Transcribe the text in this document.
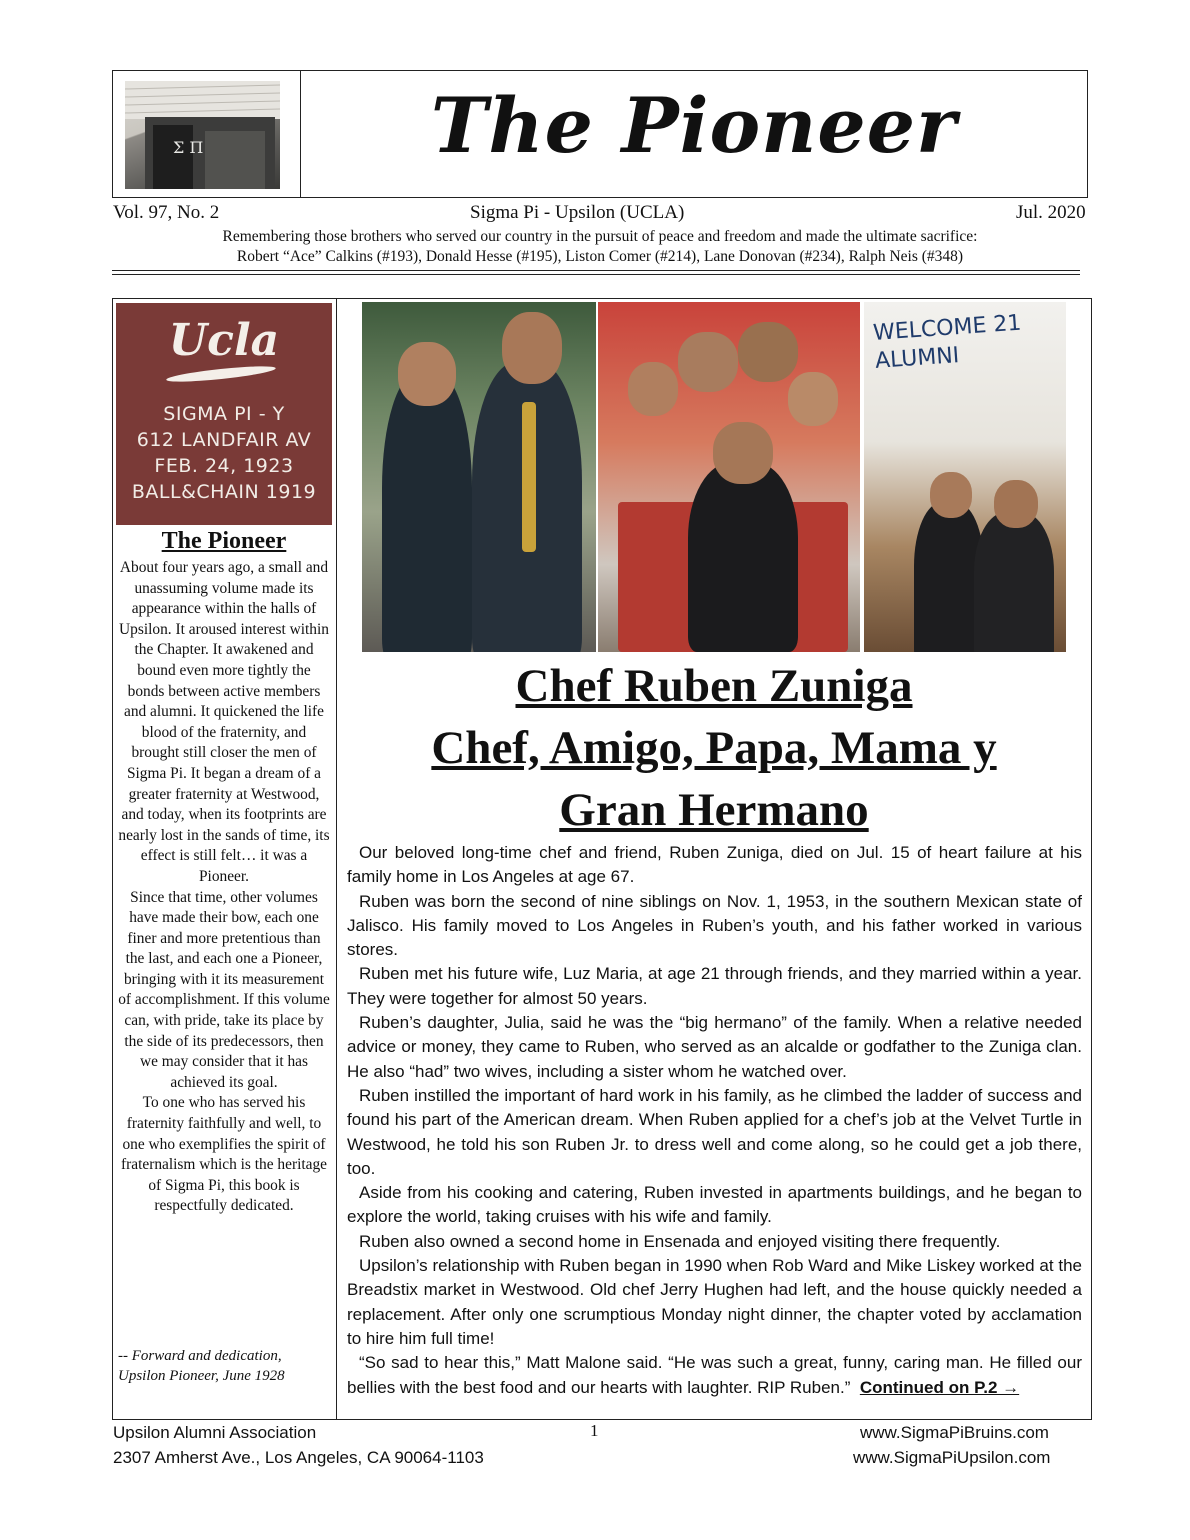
Σ Π	The Pioneer
Vol. 97, No. 2	Sigma Pi - Upsilon (UCLA)	Jul. 2020
Remembering those brothers who served our country in the pursuit of peace and freedom and made the ultimate sacrifice:
Robert “Ace” Calkins (#193), Donald Hesse (#195), Liston Comer (#214), Lane Donovan (#234), Ralph Neis (#348)
Ucla
SIGMA PI - Y
612 LANDFAIR AV
FEB. 24, 1923
BALL&CHAIN 1919
The Pioneer

About four years ago, a small and unassuming volume made its appearance within the halls of Upsilon. It aroused interest within the Chapter. It awakened and bound even more tightly the bonds between active members and alumni. It quickened the life blood of the fraternity, and brought still closer the men of Sigma Pi. It began a dream of a greater fraternity at Westwood, and today, when its footprints are nearly lost in the sands of time, its effect is still felt… it was a Pioneer.

Since that time, other volumes have made their bow, each one finer and more pretentious than the last, and each one a Pioneer, bringing with it its measurement of accomplishment. If this volume can, with pride, take its place by the side of its predecessors, then we may consider that it has achieved its goal.

To one who has served his fraternity faithfully and well, to one who exemplifies the spirit of fraternalism which is the heritage of Sigma Pi, this book is respectfully dedicated.

-- Forward and dedication,
Upsilon Pioneer, June 1928
WELCOME 21 ALUMNI
Chef Ruben Zuniga
Chef, Amigo, Papa, Mama y
Gran Hermano

Our beloved long-time chef and friend, Ruben Zuniga, died on Jul. 15 of heart failure at his family home in Los Angeles at age 67.

Ruben was born the second of nine siblings on Nov. 1, 1953, in the southern Mexican state of Jalisco. His family moved to Los Angeles in Ruben’s youth, and his father worked in various stores.

Ruben met his future wife, Luz Maria, at age 21 through friends, and they married within a year. They were together for almost 50 years.

Ruben’s daughter, Julia, said he was the “big hermano” of the family. When a relative needed advice or money, they came to Ruben, who served as an alcalde or godfather to the Zuniga clan. He also “had” two wives, including a sister whom he watched over.

Ruben instilled the important of hard work in his family, as he climbed the ladder of success and found his part of the American dream. When Ruben applied for a chef’s job at the Velvet Turtle in Westwood, he told his son Ruben Jr. to dress well and come along, so he could get a job there, too.

Aside from his cooking and catering, Ruben invested in apartments buildings, and he began to explore the world, taking cruises with his wife and family.

Ruben also owned a second home in Ensenada and enjoyed visiting there frequently.

Upsilon’s relationship with Ruben began in 1990 when Rob Ward and Mike Liskey worked at the Breadstix market in Westwood. Old chef Jerry Hughen had left, and the house quickly needed a replacement. After only one scrumptious Monday night dinner, the chapter voted by acclamation to hire him full time!

“So sad to hear this,” Matt Malone said. “He was such a great, funny, caring man. He filled our bellies with the best food and our hearts with laughter. RIP Ruben.” Continued on P.2 →

Upsilon Alumni Association
2307 Amherst Ave., Los Angeles, CA 90064-1103
1	www.SigmaPiBruins.com
www.SigmaPiUpsilon.com
